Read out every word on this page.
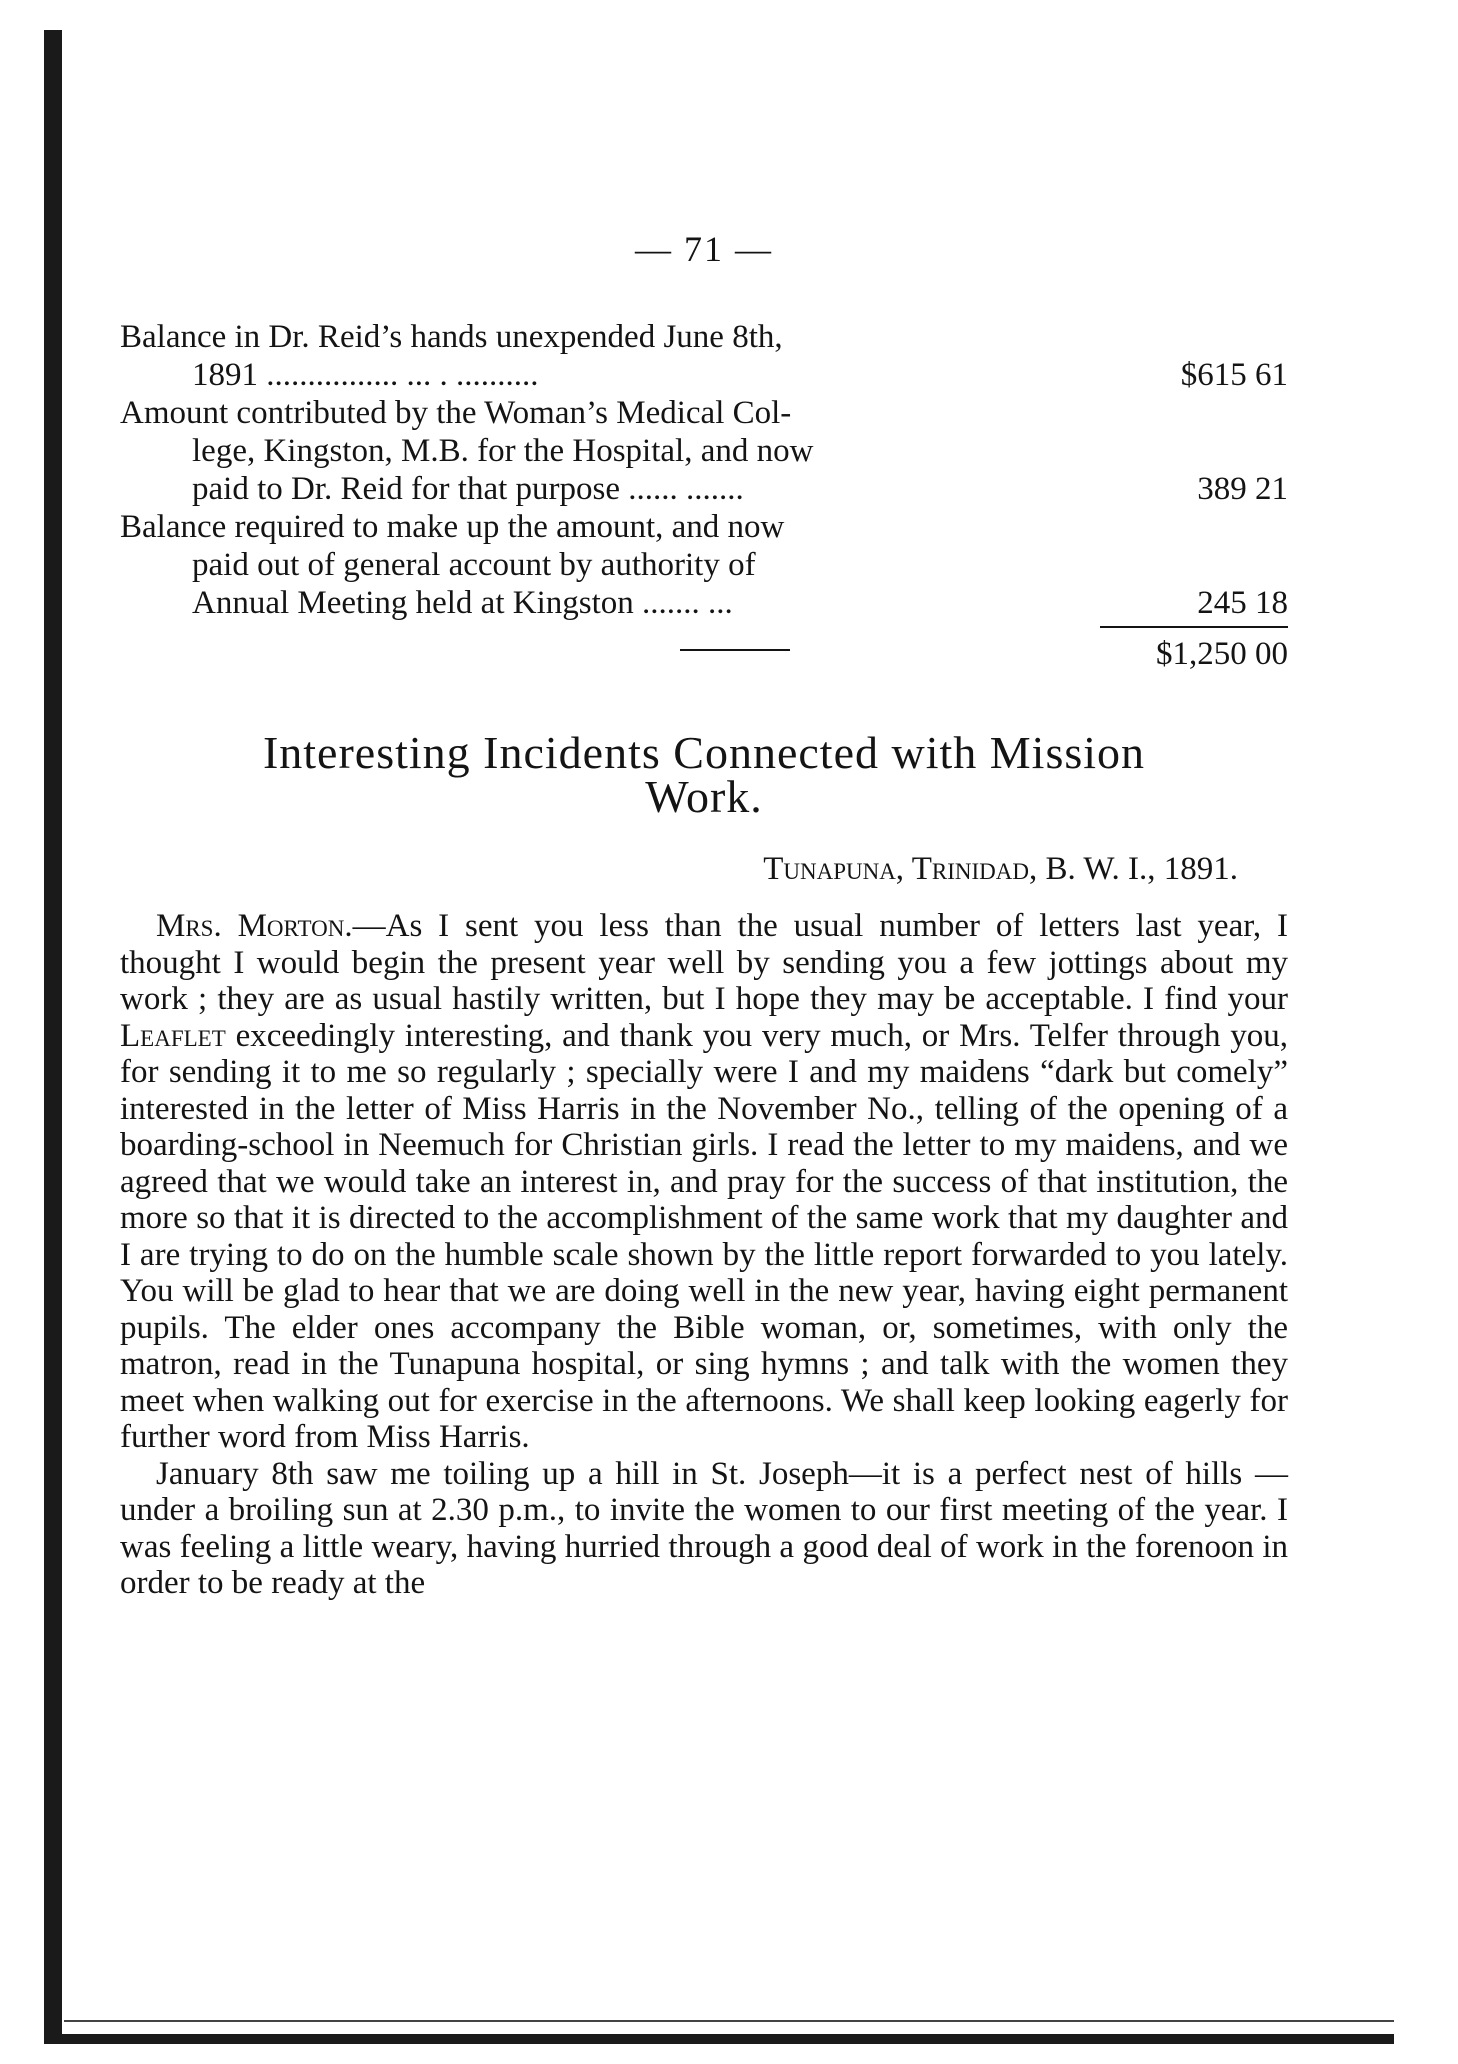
— 71 —
Balance in Dr. Reid’s hands unexpended June 8th,
1891 ................ ... . ..........	$615 61
Amount contributed by the Woman’s Medical Col-
lege, Kingston, M.B. for the Hospital, and now
paid to Dr. Reid for that purpose ...... .......	389 21
Balance required to make up the amount, and now
paid out of general account by authority of
Annual Meeting held at Kingston ....... ...	245 18
$1,250 00
Interesting Incidents Connected with Mission
Work.
Tunapuna, Trinidad, B. W. I., 1891.

Mrs. Morton.—As I sent you less than the usual number of letters last year, I thought I would begin the present year well by sending you a few jottings about my work ; they are as usual hastily written, but I hope they may be acceptable. I find your Leaflet exceedingly interesting, and thank you very much, or Mrs. Telfer through you, for sending it to me so regularly ; specially were I and my maidens “dark but comely” interested in the letter of Miss Harris in the November No., telling of the opening of a boarding-school in Neemuch for Christian girls. I read the letter to my maidens, and we agreed that we would take an interest in, and pray for the success of that institution, the more so that it is directed to the accomplishment of the same work that my daughter and I are trying to do on the humble scale shown by the little report forwarded to you lately. You will be glad to hear that we are doing well in the new year, having eight permanent pupils. The elder ones accompany the Bible woman, or, sometimes, with only the matron, read in the Tunapuna hospital, or sing hymns ; and talk with the women they meet when walking out for exercise in the afternoons. We shall keep looking eagerly for further word from Miss Harris.

January 8th saw me toiling up a hill in St. Joseph—it is a perfect nest of hills — under a broiling sun at 2.30 p.m., to invite the women to our first meeting of the year. I was feeling a little weary, having hurried through a good deal of work in the forenoon in order to be ready at the
